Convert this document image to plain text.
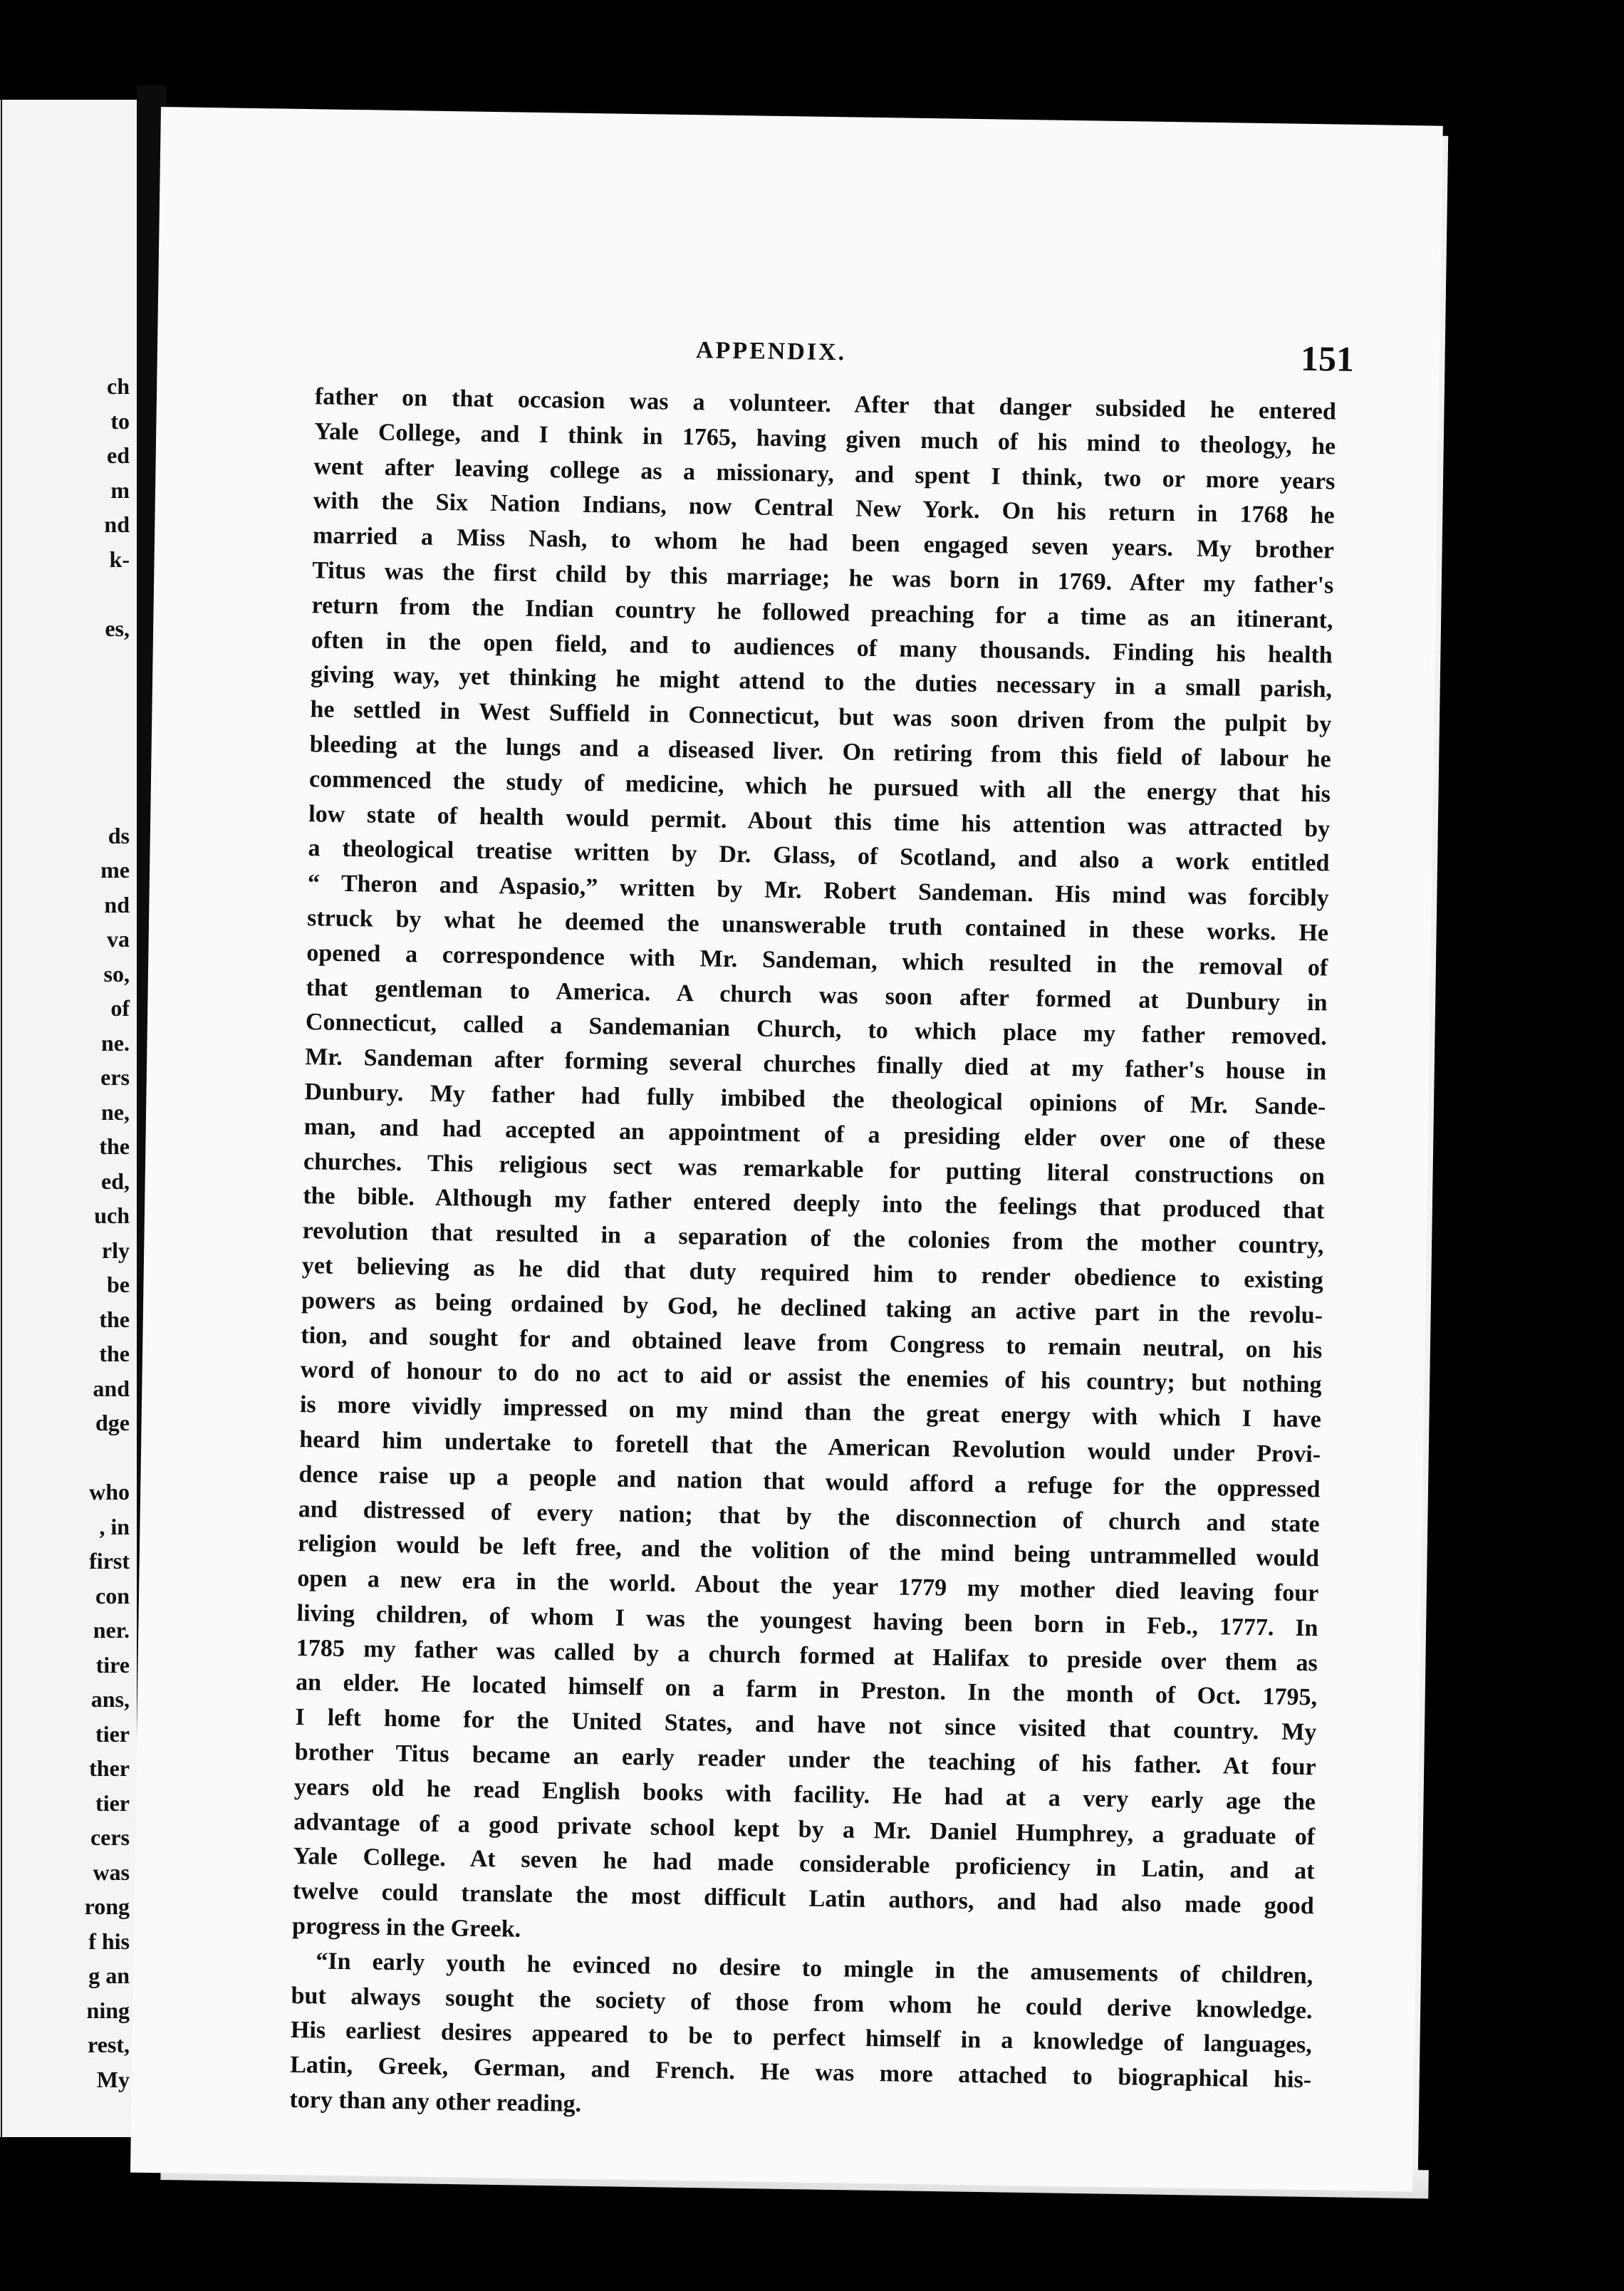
ch
to
ed
m
nd
k-
es,
ds
me
nd
va
so,
of
ne.
ers
ne,
the
ed,
uch
rly
be
the
the
and
dge
who
, in
first
con
ner.
tire
ans,
tier
ther
tier
cers
was
rong
f his
g an
ning
rest,
My
APPENDIX.	151
father on that occasion was a volunteer. After that danger subsided he entered
Yale College, and I think in 1765, having given much of his mind to theology, he
went after leaving college as a missionary, and spent I think, two or more years
with the Six Nation Indians, now Central New York. On his return in 1768 he
married a Miss Nash, to whom he had been engaged seven years. My brother
Titus was the first child by this marriage; he was born in 1769. After my father's
return from the Indian country he followed preaching for a time as an itinerant,
often in the open field, and to audiences of many thousands. Finding his health
giving way, yet thinking he might attend to the duties necessary in a small parish,
he settled in West Suffield in Connecticut, but was soon driven from the pulpit by
bleeding at the lungs and a diseased liver. On retiring from this field of labour he
commenced the study of medicine, which he pursued with all the energy that his
low state of health would permit. About this time his attention was attracted by
a theological treatise written by Dr. Glass, of Scotland, and also a work entitled
“ Theron and Aspasio,” written by Mr. Robert Sandeman. His mind was forcibly
struck by what he deemed the unanswerable truth contained in these works. He
opened a correspondence with Mr. Sandeman, which resulted in the removal of
that gentleman to America. A church was soon after formed at Dunbury in
Connecticut, called a Sandemanian Church, to which place my father removed.
Mr. Sandeman after forming several churches finally died at my father's house in
Dunbury. My father had fully imbibed the theological opinions of Mr. Sande-
man, and had accepted an appointment of a presiding elder over one of these
churches. This religious sect was remarkable for putting literal constructions on
the bible. Although my father entered deeply into the feelings that produced that
revolution that resulted in a separation of the colonies from the mother country,
yet believing as he did that duty required him to render obedience to existing
powers as being ordained by God, he declined taking an active part in the revolu-
tion, and sought for and obtained leave from Congress to remain neutral, on his
word of honour to do no act to aid or assist the enemies of his country; but nothing
is more vividly impressed on my mind than the great energy with which I have
heard him undertake to foretell that the American Revolution would under Provi-
dence raise up a people and nation that would afford a refuge for the oppressed
and distressed of every nation; that by the disconnection of church and state
religion would be left free, and the volition of the mind being untrammelled would
open a new era in the world. About the year 1779 my mother died leaving four
living children, of whom I was the youngest having been born in Feb., 1777. In
1785 my father was called by a church formed at Halifax to preside over them as
an elder. He located himself on a farm in Preston. In the month of Oct. 1795,
I left home for the United States, and have not since visited that country. My
brother Titus became an early reader under the teaching of his father. At four
years old he read English books with facility. He had at a very early age the
advantage of a good private school kept by a Mr. Daniel Humphrey, a graduate of
Yale College. At seven he had made considerable proficiency in Latin, and at
twelve could translate the most difficult Latin authors, and had also made good
progress in the Greek.
“In early youth he evinced no desire to mingle in the amusements of children,
but always sought the society of those from whom he could derive knowledge.
His earliest desires appeared to be to perfect himself in a knowledge of languages,
Latin, Greek, German, and French. He was more attached to biographical his-
tory than any other reading.
